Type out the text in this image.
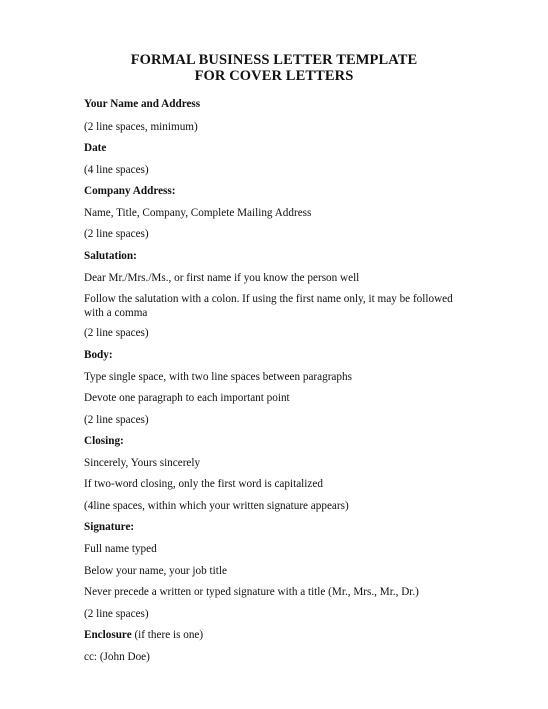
FORMAL BUSINESS LETTER TEMPLATE
FOR COVER LETTERS
Your Name and Address
(2 line spaces, minimum)
Date
(4 line spaces)
Company Address:
Name, Title, Company, Complete Mailing Address
(2 line spaces)
Salutation:
Dear Mr./Mrs./Ms., or first name if you know the person well
Follow the salutation with a colon. If using the first name only, it may be followed with a comma
(2 line spaces)
Body:
Type single space, with two line spaces between paragraphs
Devote one paragraph to each important point
(2 line spaces)
Closing:
Sincerely, Yours sincerely
If two-word closing, only the first word is capitalized
(4line spaces, within which your written signature appears)
Signature:
Full name typed
Below your name, your job title
Never precede a written or typed signature with a title (Mr., Mrs., Mr., Dr.)
(2 line spaces)
Enclosure (if there is one)
cc: (John Doe)
